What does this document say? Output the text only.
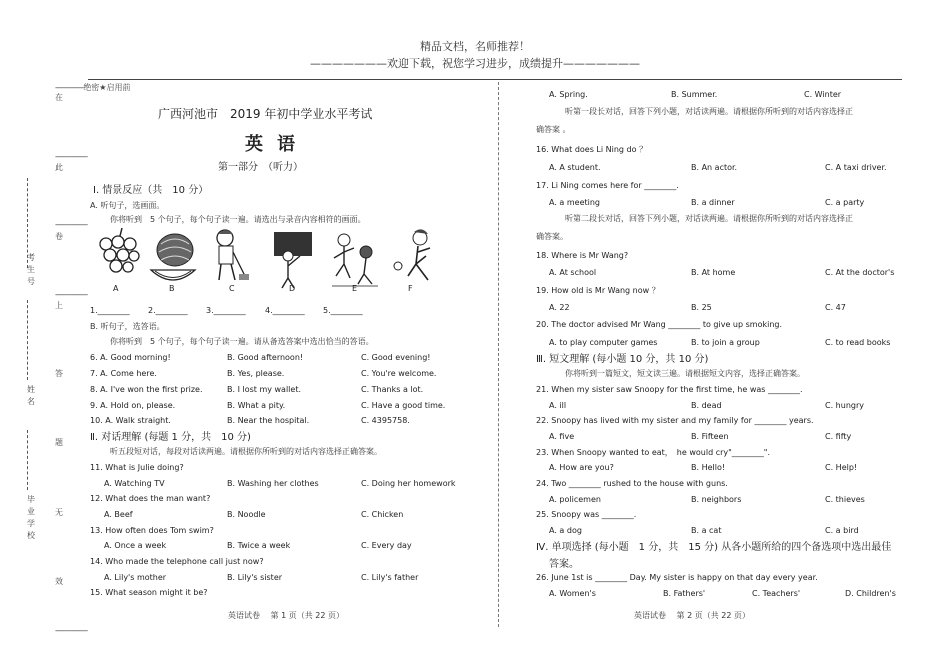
精品文档，名师推荐！
———————欢迎下载，祝您学习进步，成绩提升———————
---------------绝密★启用前
在
-----------------
此
-----------------
卷
-----------------
上
答
题
无
效
-----------------
考
生
号
姓
名
毕
业
学
校
广西河池市　2019 年初中学业水平考试
英语
第一部分　（听力）
Ⅰ. 情景反应（共　10 分）
A. 听句子，选画面。
你将听到　5 个句子，每个句子读一遍。请选出与录音内容相符的画面。
A	B	C	D	E	F
1.________ 2.________ 3.________ 4.________ 5.________
B. 听句子，选答语。
你将听到　5 个句子，每个句子读一遍。请从备选答案中选出恰当的答语。
6. A. Good morning!	B. Good afternoon!	C. Good evening!
7. A. Come here.	B. Yes, please.	C. You're welcome.
8. A. I've won the first prize.	B. I lost my wallet.	C. Thanks a lot.
9. A. Hold on, please.	B. What a pity.	C. Have a good time.
10. A. Walk straight.	B. Near the hospital.	C. 4395758.
Ⅱ. 对话理解 (每题 1 分，共　10 分)
听五段短对话，每段对话读两遍。请根据你所听到的对话内容选择正确答案。
11. What is Julie doing?
A. Watching TV	B. Washing her clothes	C. Doing her homework
12. What does the man want?
A. Beef	B. Noodle	C. Chicken
13. How often does Tom swim?
A. Once a week	B. Twice a week	C. Every day
14. Who made the telephone call just now?
A. Lily's mother	B. Lily's sister	C. Lily's father
15. What season might it be?
英语试卷　 第 1 页（共 22 页）
A. Spring.	B. Summer.	C. Winter
听第一段长对话，回答下列小题，对话读两遍。请根据你所听到的对话内容选择正
确答案 。
16. What does Li Ning do ？
A. A student.	B. An actor.	C. A taxi driver.
17. Li Ning comes here for ________.
A. a meeting	B. a dinner	C. a party
听第二段长对话，回答下列小题，对话读两遍。请根据你所听到的对话内容选择正
确答案。
18. Where is Mr Wang?
A. At school	B. At home	C. At the doctor's
19. How old is Mr Wang now ？
A. 22	B. 25	C. 47
20. The doctor advised Mr Wang ________ to give up smoking.
A. to play computer games	B. to join a group	C. to read books
Ⅲ. 短文理解 (每小题 10 分，共 10 分)
你将听到一篇短文，短文读三遍。请根据短文内容，选择正确答案。
21. When my sister saw Snoopy for the first time, he was ________.
A. ill	B. dead	C. hungry
22. Snoopy has lived with my sister and my family for ________ years.
A. five	B. Fifteen	C. fifty
23. When Snoopy wanted to eat，　he would cry"________".
A. How are you?	B. Hello!	C. Help!
24. Two ________ rushed to the house with guns.
A. policemen	B. neighbors	C. thieves
25. Snoopy was ________.
A. a dog	B. a cat	C. a bird
Ⅳ. 单项选择 (每小题　1 分，共　15 分) 从各小题所给的四个备选项中选出最佳
答案。
26. June 1st is ________ Day. My sister is happy on that day every year.
A. Women's	B. Fathers'	C. Teachers'	D. Children's
英语试卷　 第 2 页（共 22 页）
